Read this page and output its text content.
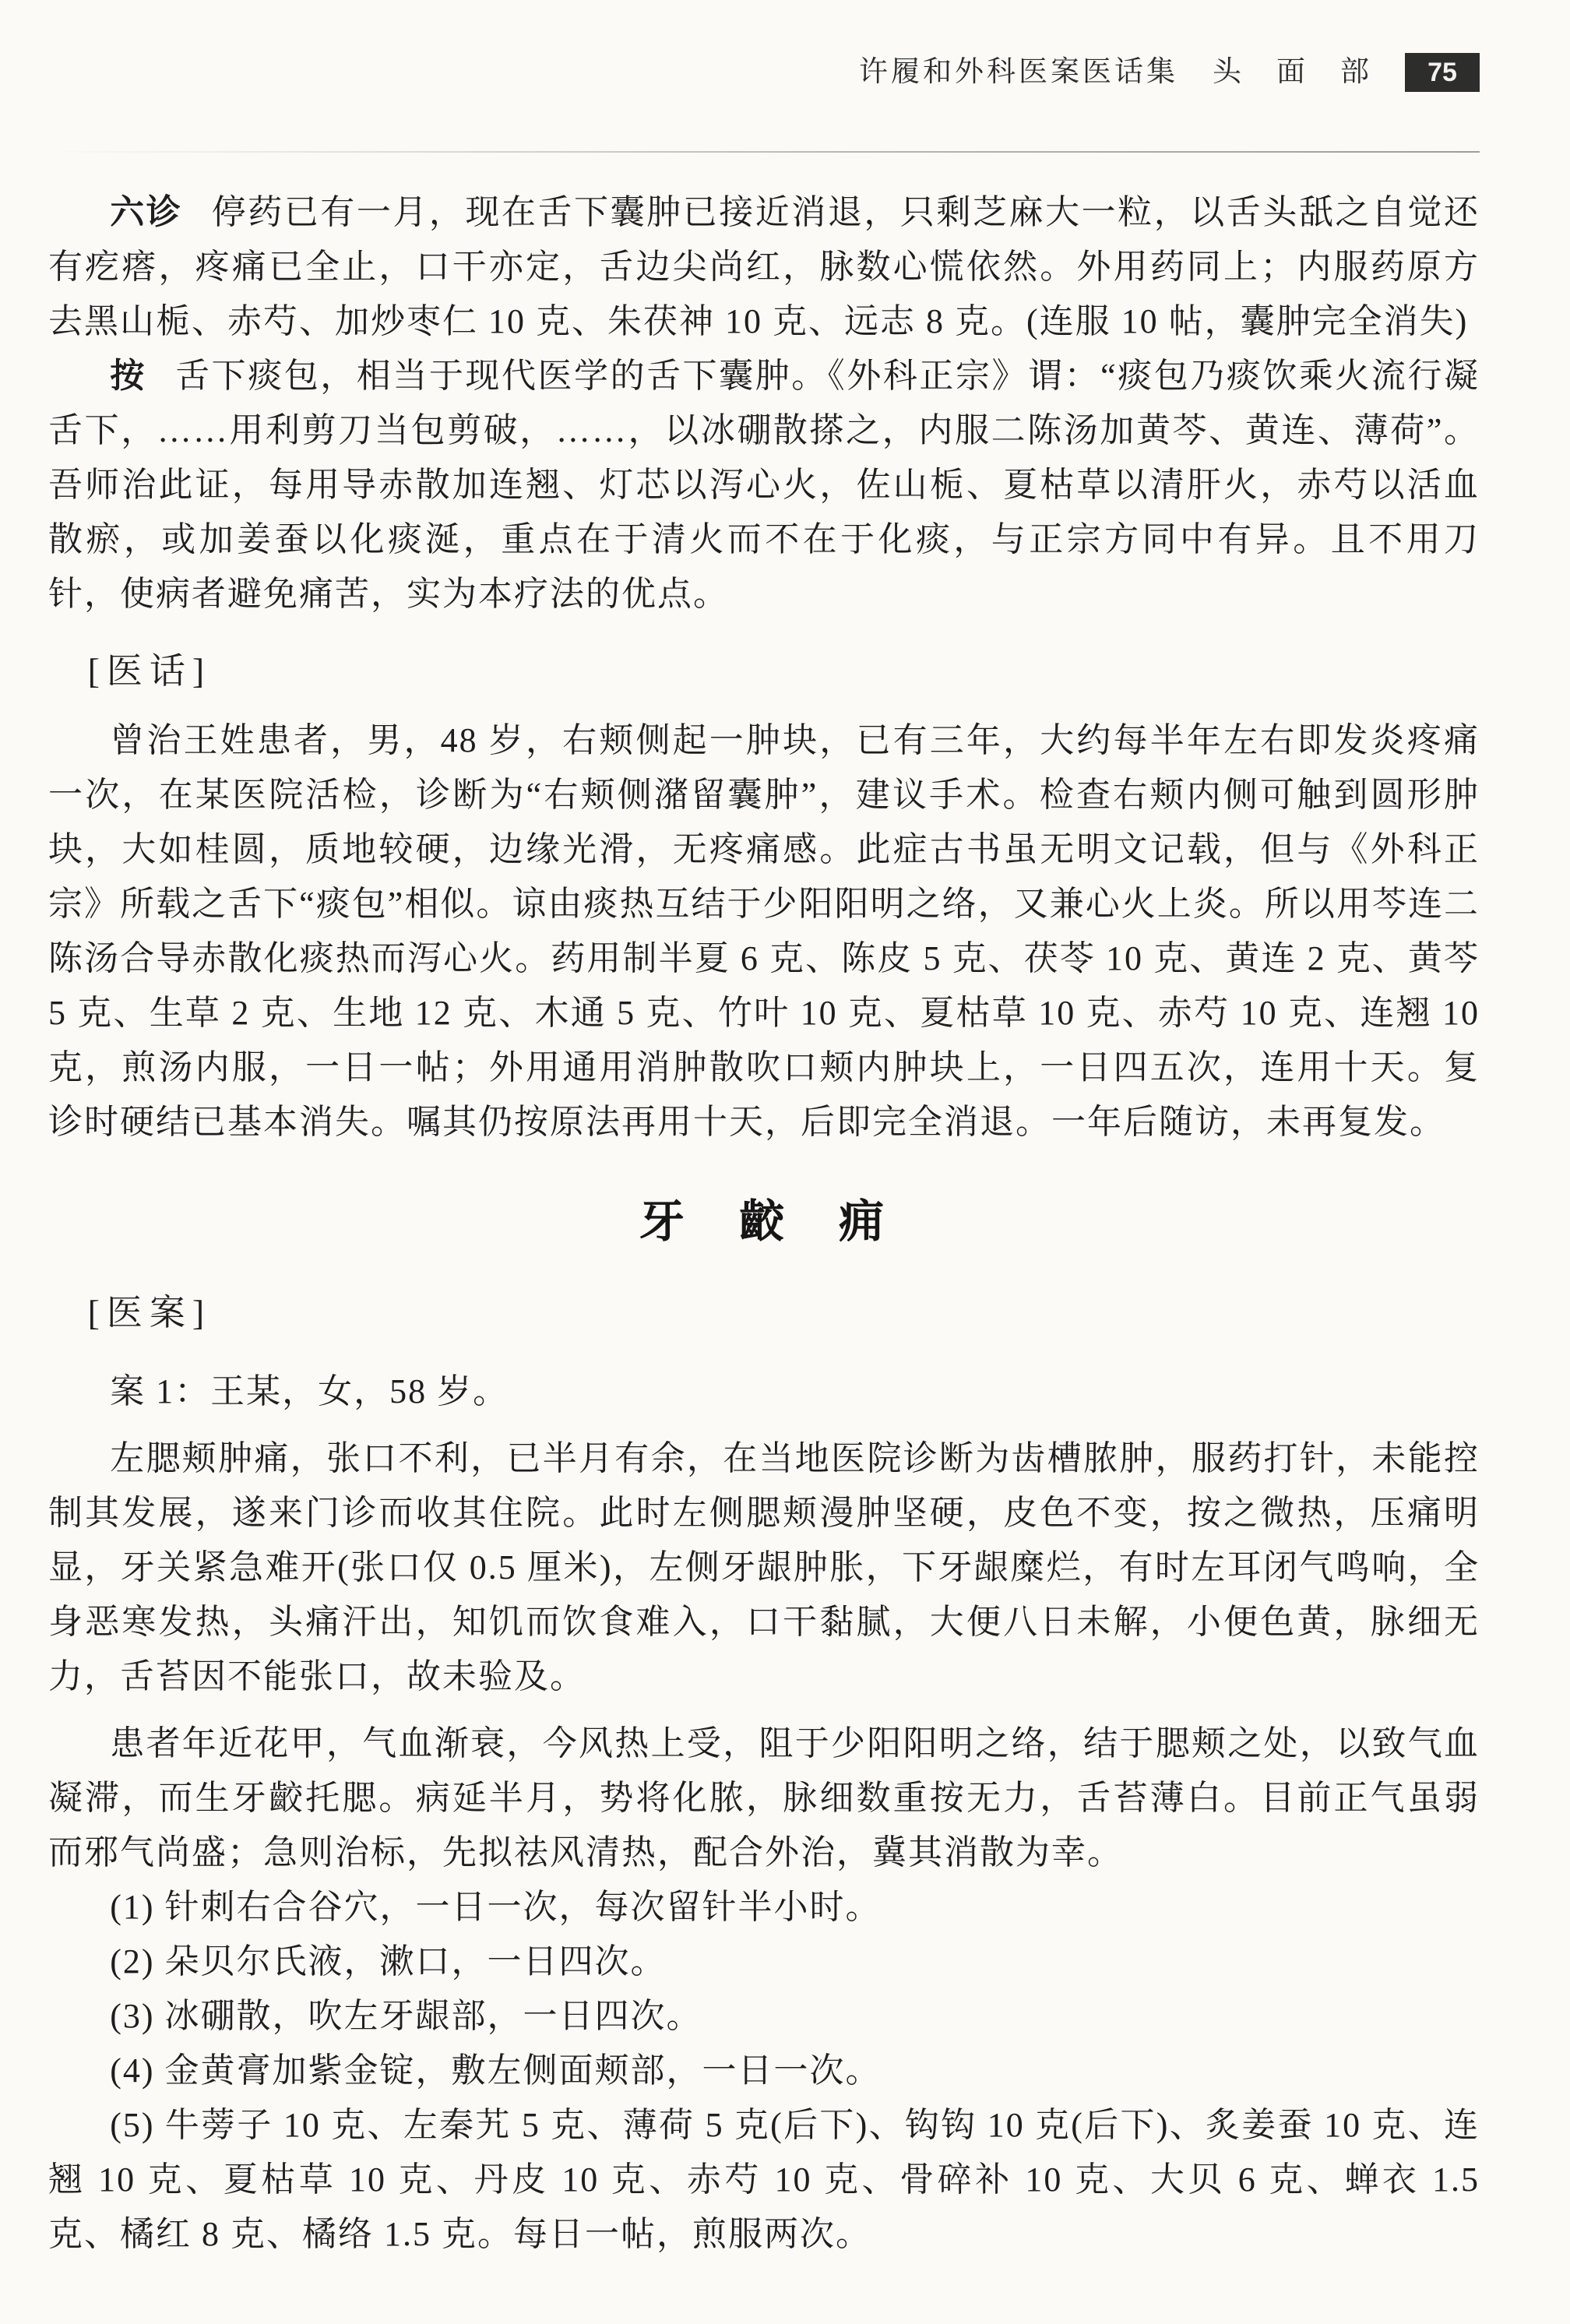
许履和外科医案医话集 头　面　部	75

六诊 停药已有一月，现在舌下囊肿已接近消退，只剩芝麻大一粒，以舌头舐之自觉还有疙瘩，疼痛已全止，口干亦定，舌边尖尚红，脉数心慌依然。外用药同上；内服药原方去黑山栀、赤芍、加炒枣仁 10 克、朱茯神 10 克、远志 8 克。(连服 10 帖，囊肿完全消失)

按 舌下痰包，相当于现代医学的舌下囊肿。《外科正宗》谓：“痰包乃痰饮乘火流行凝舌下，……用利剪刀当包剪破，……，以冰硼散搽之，内服二陈汤加黄芩、黄连、薄荷”。吾师治此证，每用导赤散加连翘、灯芯以泻心火，佐山栀、夏枯草以清肝火，赤芍以活血散瘀，或加姜蚕以化痰涎，重点在于清火而不在于化痰，与正宗方同中有异。且不用刀针，使病者避免痛苦，实为本疗法的优点。

[医话]

曾治王姓患者，男，48 岁，右颊侧起一肿块，已有三年，大约每半年左右即发炎疼痛一次，在某医院活检，诊断为“右颊侧潴留囊肿”，建议手术。检查右颊内侧可触到圆形肿块，大如桂圆，质地较硬，边缘光滑，无疼痛感。此症古书虽无明文记载，但与《外科正宗》所载之舌下“痰包”相似。谅由痰热互结于少阳阳明之络，又兼心火上炎。所以用芩连二陈汤合导赤散化痰热而泻心火。药用制半夏 6 克、陈皮 5 克、茯苓 10 克、黄连 2 克、黄芩 5 克、生草 2 克、生地 12 克、木通 5 克、竹叶 10 克、夏枯草 10 克、赤芍 10 克、连翘 10 克，煎汤内服，一日一帖；外用通用消肿散吹口颊内肿块上，一日四五次，连用十天。复诊时硬结已基本消失。嘱其仍按原法再用十天，后即完全消退。一年后随访，未再复发。

牙　齩　痈
[医案]

案 1：王某，女，58 岁。

左腮颊肿痛，张口不利，已半月有余，在当地医院诊断为齿槽脓肿，服药打针，未能控制其发展，遂来门诊而收其住院。此时左侧腮颊漫肿坚硬，皮色不变，按之微热，压痛明显，牙关紧急难开(张口仅 0.5 厘米)，左侧牙龈肿胀，下牙龈糜烂，有时左耳闭气鸣响，全身恶寒发热，头痛汗出，知饥而饮食难入，口干黏腻，大便八日未解，小便色黄，脉细无力，舌苔因不能张口，故未验及。

患者年近花甲，气血渐衰，今风热上受，阻于少阳阳明之络，结于腮颊之处，以致气血凝滞，而生牙齩托腮。病延半月，势将化脓，脉细数重按无力，舌苔薄白。目前正气虽弱而邪气尚盛；急则治标，先拟祛风清热，配合外治，冀其消散为幸。

(1) 针刺右合谷穴，一日一次，每次留针半小时。

(2) 朵贝尔氏液，漱口，一日四次。

(3) 冰硼散，吹左牙龈部，一日四次。

(4) 金黄膏加紫金锭，敷左侧面颊部，一日一次。

(5) 牛蒡子 10 克、左秦艽 5 克、薄荷 5 克(后下)、钩钩 10 克(后下)、炙姜蚕 10 克、连翘 10 克、夏枯草 10 克、丹皮 10 克、赤芍 10 克、骨碎补 10 克、大贝 6 克、蝉衣 1.5 克、橘红 8 克、橘络 1.5 克。每日一帖，煎服两次。
